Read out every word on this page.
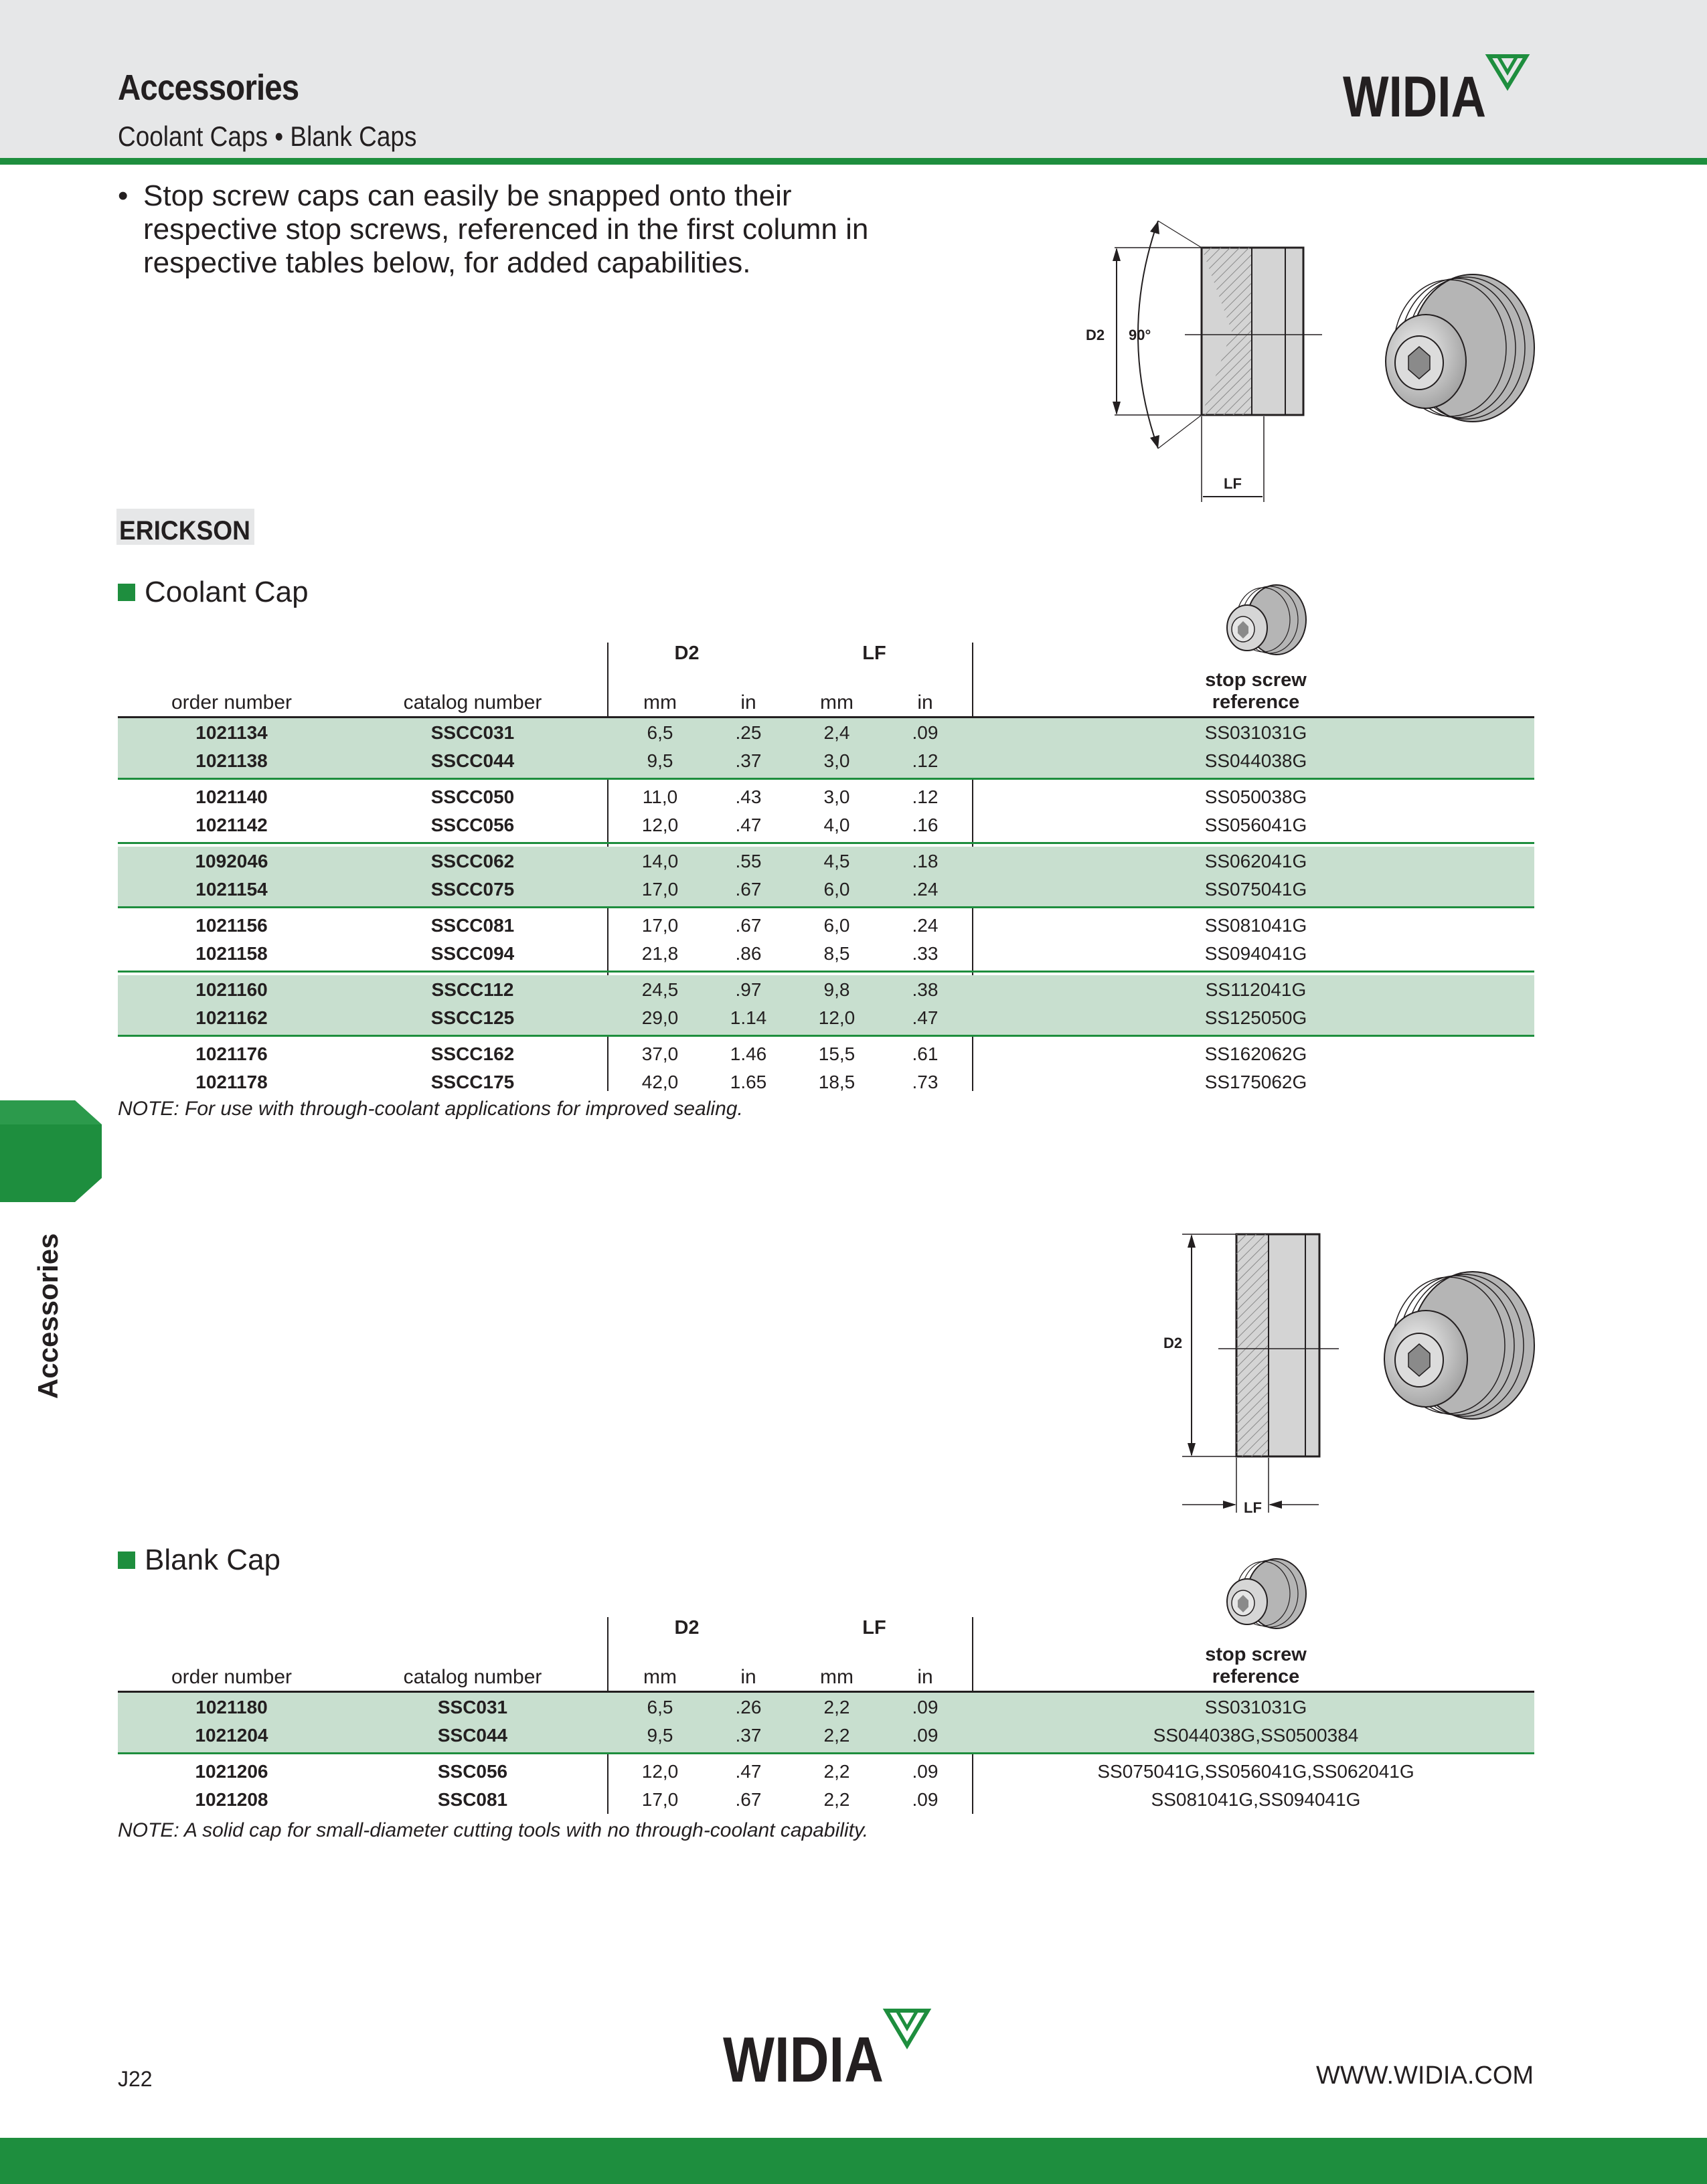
Accessories
Coolant Caps • Blank Caps
WIDIA
• Stop screw caps can easily be snapped onto their respective stop screws, referenced in the first column in respective tables below, for added capabilities.
D2 90°
LF
ERICKSON
Coolant Cap
D2	LF
order number	catalog number	mm	in	mm	in
stop screw
reference
1021134	SSCC031	6,5	.25	2,4	.09	SS031031G
1021138	SSCC044	9,5	.37	3,0	.12	SS044038G
1021140	SSCC050	11,0	.43	3,0	.12	SS050038G
1021142	SSCC056	12,0	.47	4,0	.16	SS056041G
1092046	SSCC062	14,0	.55	4,5	.18	SS062041G
1021154	SSCC075	17,0	.67	6,0	.24	SS075041G
1021156	SSCC081	17,0	.67	6,0	.24	SS081041G
1021158	SSCC094	21,8	.86	8,5	.33	SS094041G
1021160	SSCC112	24,5	.97	9,8	.38	SS112041G
1021162	SSCC125	29,0	1.14	12,0	.47	SS125050G
1021176	SSCC162	37,0	1.46	15,5	.61	SS162062G
1021178	SSCC175	42,0	1.65	18,5	.73	SS175062G
NOTE: For use with through-coolant applications for improved sealing.
Accessories	D2
LF
Blank Cap
D2	LF
order number	catalog number	mm	in	mm	in
stop screw
reference
1021180	SSC031	6,5	.26	2,2	.09	SS031031G
1021204	SSC044	9,5	.37	2,2	.09	SS044038G,SS0500384
1021206	SSC056	12,0	.47	2,2	.09	SS075041G,SS056041G,SS062041G
1021208	SSC081	17,0	.67	2,2	.09	SS081041G,SS094041G
NOTE: A solid cap for small-diameter cutting tools with no through-coolant capability.
WIDIA
J22	WWW.WIDIA.COM
